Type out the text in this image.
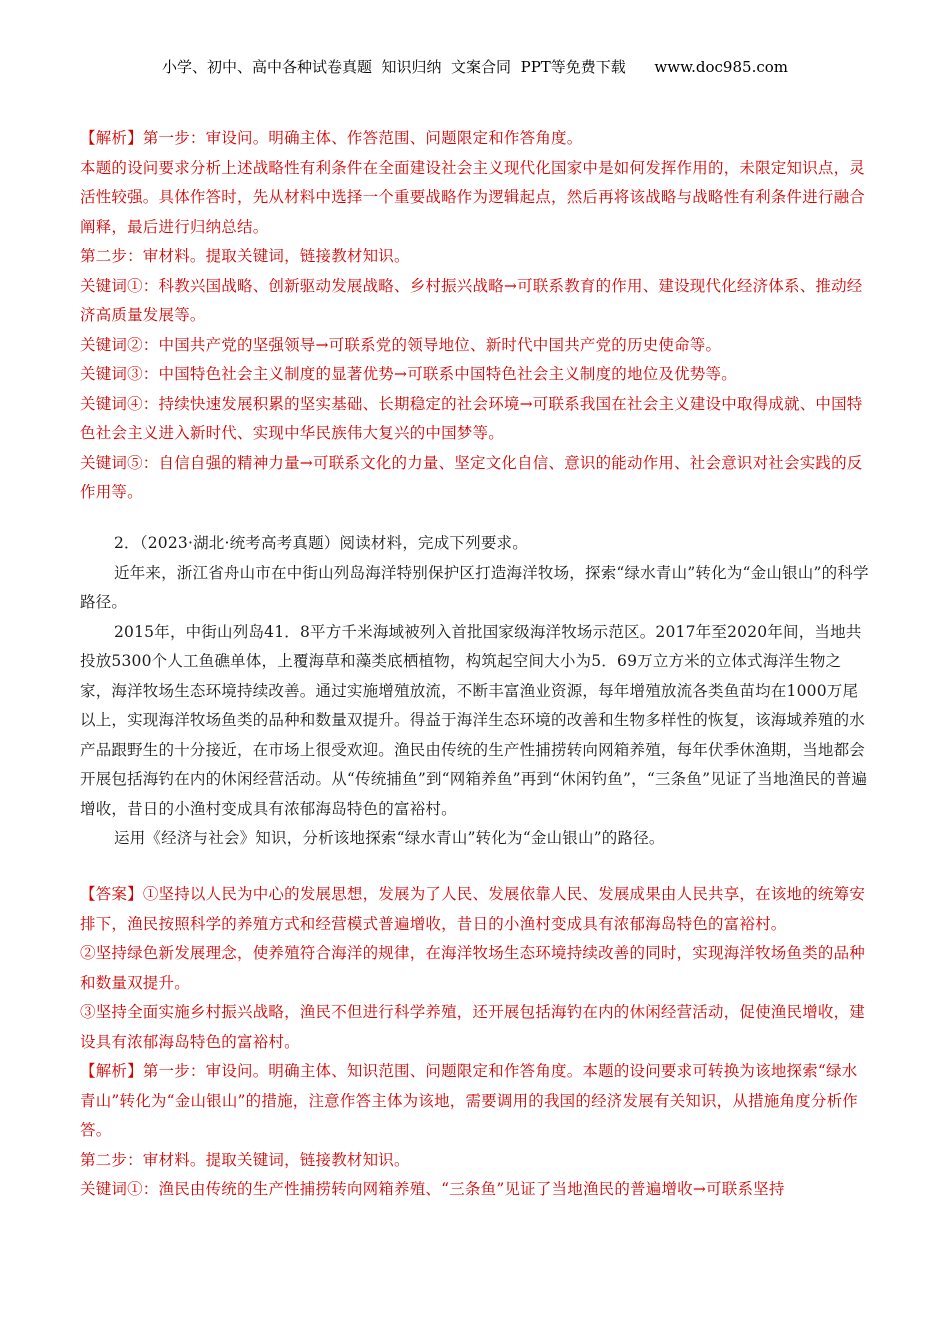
小学、初中、高中各种试卷真题  知识归纳  文案合同  PPT等免费下载      www.doc985.com

【解析】第一步：审设问。明确主体、作答范围、问题限定和作答角度。

本题的设问要求分析上述战略性有利条件在全面建设社会主义现代化国家中是如何发挥作用的，未限定知识点，灵活性较强。具体作答时，先从材料中选择一个重要战略作为逻辑起点，然后再将该战略与战略性有利条件进行融合阐释，最后进行归纳总结。

第二步：审材料。提取关键词，链接教材知识。

关键词①：科教兴国战略、创新驱动发展战略、乡村振兴战略→可联系教育的作用、建设现代化经济体系、推动经济高质量发展等。

关键词②：中国共产党的坚强领导→可联系党的领导地位、新时代中国共产党的历史使命等。

关键词③：中国特色社会主义制度的显著优势→可联系中国特色社会主义制度的地位及优势等。

关键词④：持续快速发展积累的坚实基础、长期稳定的社会环境→可联系我国在社会主义建设中取得成就、中国特色社会主义进入新时代、实现中华民族伟大复兴的中国梦等。

关键词⑤：自信自强的精神力量→可联系文化的力量、坚定文化自信、意识的能动作用、社会意识对社会实践的反作用等。

2．（2023·湖北·统考高考真题）阅读材料，完成下列要求。

近年来，浙江省舟山市在中街山列岛海洋特别保护区打造海洋牧场，探索“绿水青山”转化为“金山银山”的科学路径。

2015年，中街山列岛41．8平方千米海域被列入首批国家级海洋牧场示范区。2017年至2020年间，当地共投放5300个人工鱼礁单体，上覆海草和藻类底栖植物，构筑起空间大小为5．69万立方米的立体式海洋生物之家，海洋牧场生态环境持续改善。通过实施增殖放流，不断丰富渔业资源，每年增殖放流各类鱼苗均在1000万尾以上，实现海洋牧场鱼类的品种和数量双提升。得益于海洋生态环境的改善和生物多样性的恢复，该海域养殖的水产品跟野生的十分接近，在市场上很受欢迎。渔民由传统的生产性捕捞转向网箱养殖，每年伏季休渔期，当地都会开展包括海钓在内的休闲经营活动。从“传统捕鱼”到“网箱养鱼”再到“休闲钓鱼”，“三条鱼”见证了当地渔民的普遍增收，昔日的小渔村变成具有浓郁海岛特色的富裕村。

运用《经济与社会》知识，分析该地探索“绿水青山”转化为“金山银山”的路径。

【答案】①坚持以人民为中心的发展思想，发展为了人民、发展依靠人民、发展成果由人民共享，在该地的统筹安排下，渔民按照科学的养殖方式和经营模式普遍增收，昔日的小渔村变成具有浓郁海岛特色的富裕村。

②坚持绿色新发展理念，使养殖符合海洋的规律，在海洋牧场生态环境持续改善的同时，实现海洋牧场鱼类的品种和数量双提升。

③坚持全面实施乡村振兴战略，渔民不但进行科学养殖，还开展包括海钓在内的休闲经营活动，促使渔民增收，建设具有浓郁海岛特色的富裕村。

【解析】第一步：审设问。明确主体、知识范围、问题限定和作答角度。本题的设问要求可转换为该地探索“绿水青山”转化为“金山银山”的措施，注意作答主体为该地，需要调用的我国的经济发展有关知识，从措施角度分析作答。

第二步：审材料。提取关键词，链接教材知识。

关键词①：渔民由传统的生产性捕捞转向网箱养殖、“三条鱼”见证了当地渔民的普遍增收→可联系坚持
